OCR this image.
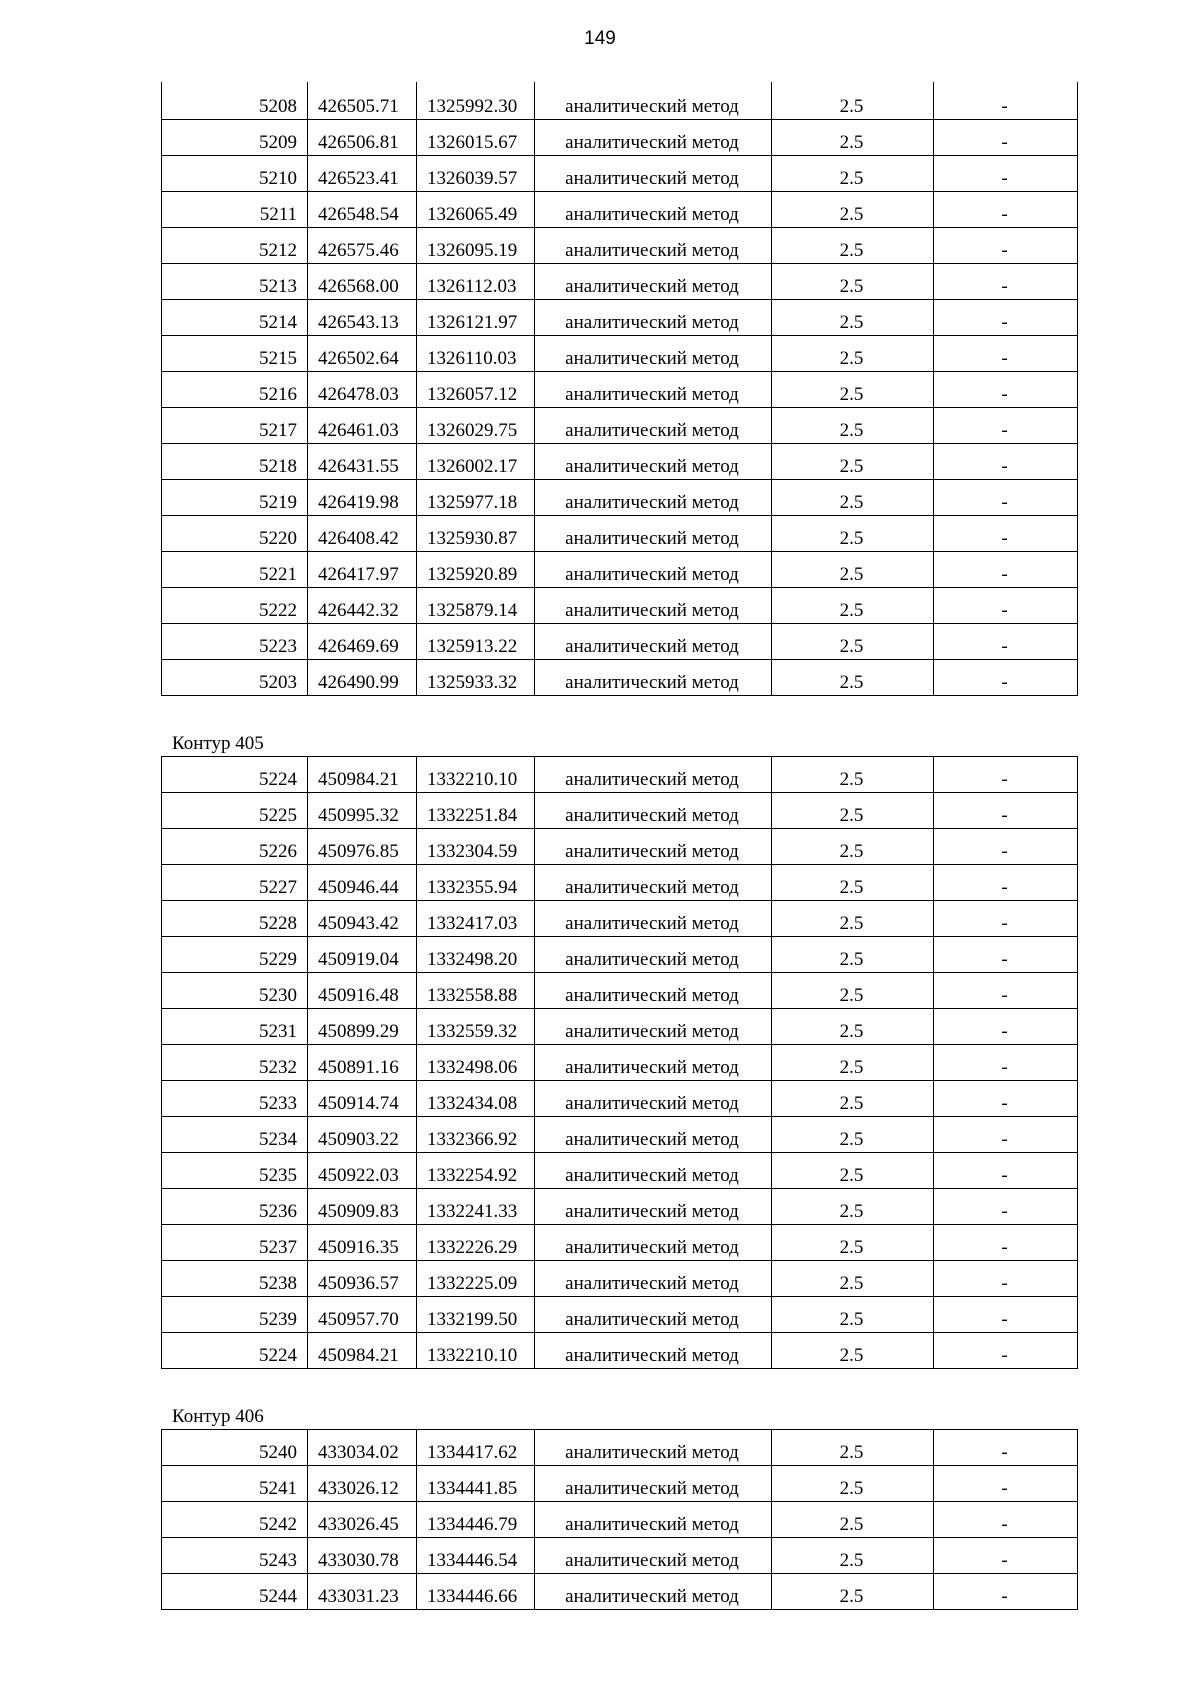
149
5208	426505.71	1325992.30	аналитический метод	2.5	-
5209	426506.81	1326015.67	аналитический метод	2.5	-
5210	426523.41	1326039.57	аналитический метод	2.5	-
5211	426548.54	1326065.49	аналитический метод	2.5	-
5212	426575.46	1326095.19	аналитический метод	2.5	-
5213	426568.00	1326112.03	аналитический метод	2.5	-
5214	426543.13	1326121.97	аналитический метод	2.5	-
5215	426502.64	1326110.03	аналитический метод	2.5	-
5216	426478.03	1326057.12	аналитический метод	2.5	-
5217	426461.03	1326029.75	аналитический метод	2.5	-
5218	426431.55	1326002.17	аналитический метод	2.5	-
5219	426419.98	1325977.18	аналитический метод	2.5	-
5220	426408.42	1325930.87	аналитический метод	2.5	-
5221	426417.97	1325920.89	аналитический метод	2.5	-
5222	426442.32	1325879.14	аналитический метод	2.5	-
5223	426469.69	1325913.22	аналитический метод	2.5	-
5203	426490.99	1325933.32	аналитический метод	2.5	-
Контур 405
5224	450984.21	1332210.10	аналитический метод	2.5	-
5225	450995.32	1332251.84	аналитический метод	2.5	-
5226	450976.85	1332304.59	аналитический метод	2.5	-
5227	450946.44	1332355.94	аналитический метод	2.5	-
5228	450943.42	1332417.03	аналитический метод	2.5	-
5229	450919.04	1332498.20	аналитический метод	2.5	-
5230	450916.48	1332558.88	аналитический метод	2.5	-
5231	450899.29	1332559.32	аналитический метод	2.5	-
5232	450891.16	1332498.06	аналитический метод	2.5	-
5233	450914.74	1332434.08	аналитический метод	2.5	-
5234	450903.22	1332366.92	аналитический метод	2.5	-
5235	450922.03	1332254.92	аналитический метод	2.5	-
5236	450909.83	1332241.33	аналитический метод	2.5	-
5237	450916.35	1332226.29	аналитический метод	2.5	-
5238	450936.57	1332225.09	аналитический метод	2.5	-
5239	450957.70	1332199.50	аналитический метод	2.5	-
5224	450984.21	1332210.10	аналитический метод	2.5	-
Контур 406
5240	433034.02	1334417.62	аналитический метод	2.5	-
5241	433026.12	1334441.85	аналитический метод	2.5	-
5242	433026.45	1334446.79	аналитический метод	2.5	-
5243	433030.78	1334446.54	аналитический метод	2.5	-
5244	433031.23	1334446.66	аналитический метод	2.5	-
